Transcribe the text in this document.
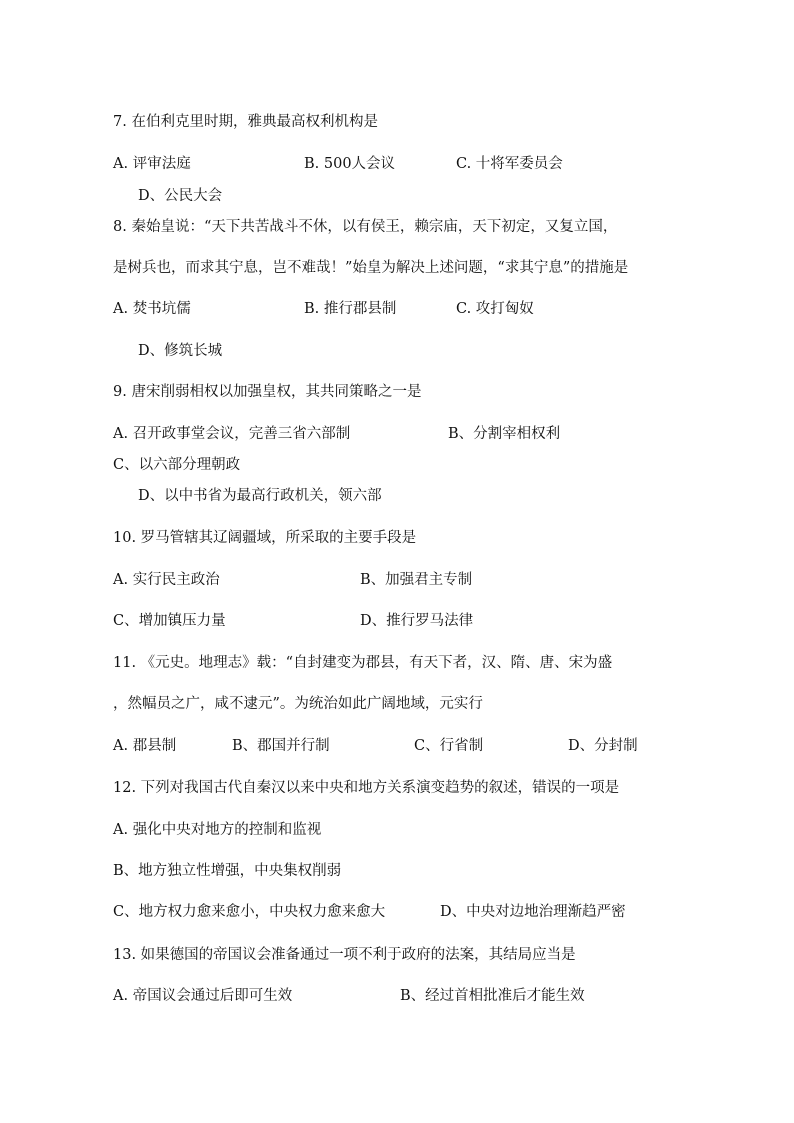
7. 在伯利克里时期，雅典最高权利机构是
A. 评审法庭	B. 500人会议	C. 十将军委员会
D、公民大会
8. 秦始皇说：“天下共苦战斗不休，以有侯王，赖宗庙，天下初定，又复立国，
是树兵也，而求其宁息，岂不难哉！”始皇为解决上述问题，“求其宁息”的措施是
A. 焚书坑儒	B. 推行郡县制	C. 攻打匈奴
D、修筑长城
9. 唐宋削弱相权以加强皇权，其共同策略之一是
A. 召开政事堂会议，完善三省六部制	B、分割宰相权利
C、以六部分理朝政
D、以中书省为最高行政机关，领六部
10. 罗马管辖其辽阔疆域，所采取的主要手段是
A. 实行民主政治	B、加强君主专制
C、增加镇压力量	D、推行罗马法律
11. 《元史。地理志》载：“自封建变为郡县，有天下者，汉、隋、唐、宋为盛
，然幅员之广，咸不逮元”。为统治如此广阔地域，元实行
A. 郡县制	B、郡国并行制	C、行省制	D、分封制
12. 下列对我国古代自秦汉以来中央和地方关系演变趋势的叙述，错误的一项是
A. 强化中央对地方的控制和监视
B、地方独立性增强，中央集权削弱
C、地方权力愈来愈小，中央权力愈来愈大	D、中央对边地治理渐趋严密
13. 如果德国的帝国议会准备通过一项不利于政府的法案，其结局应当是
A. 帝国议会通过后即可生效	B、经过首相批准后才能生效
